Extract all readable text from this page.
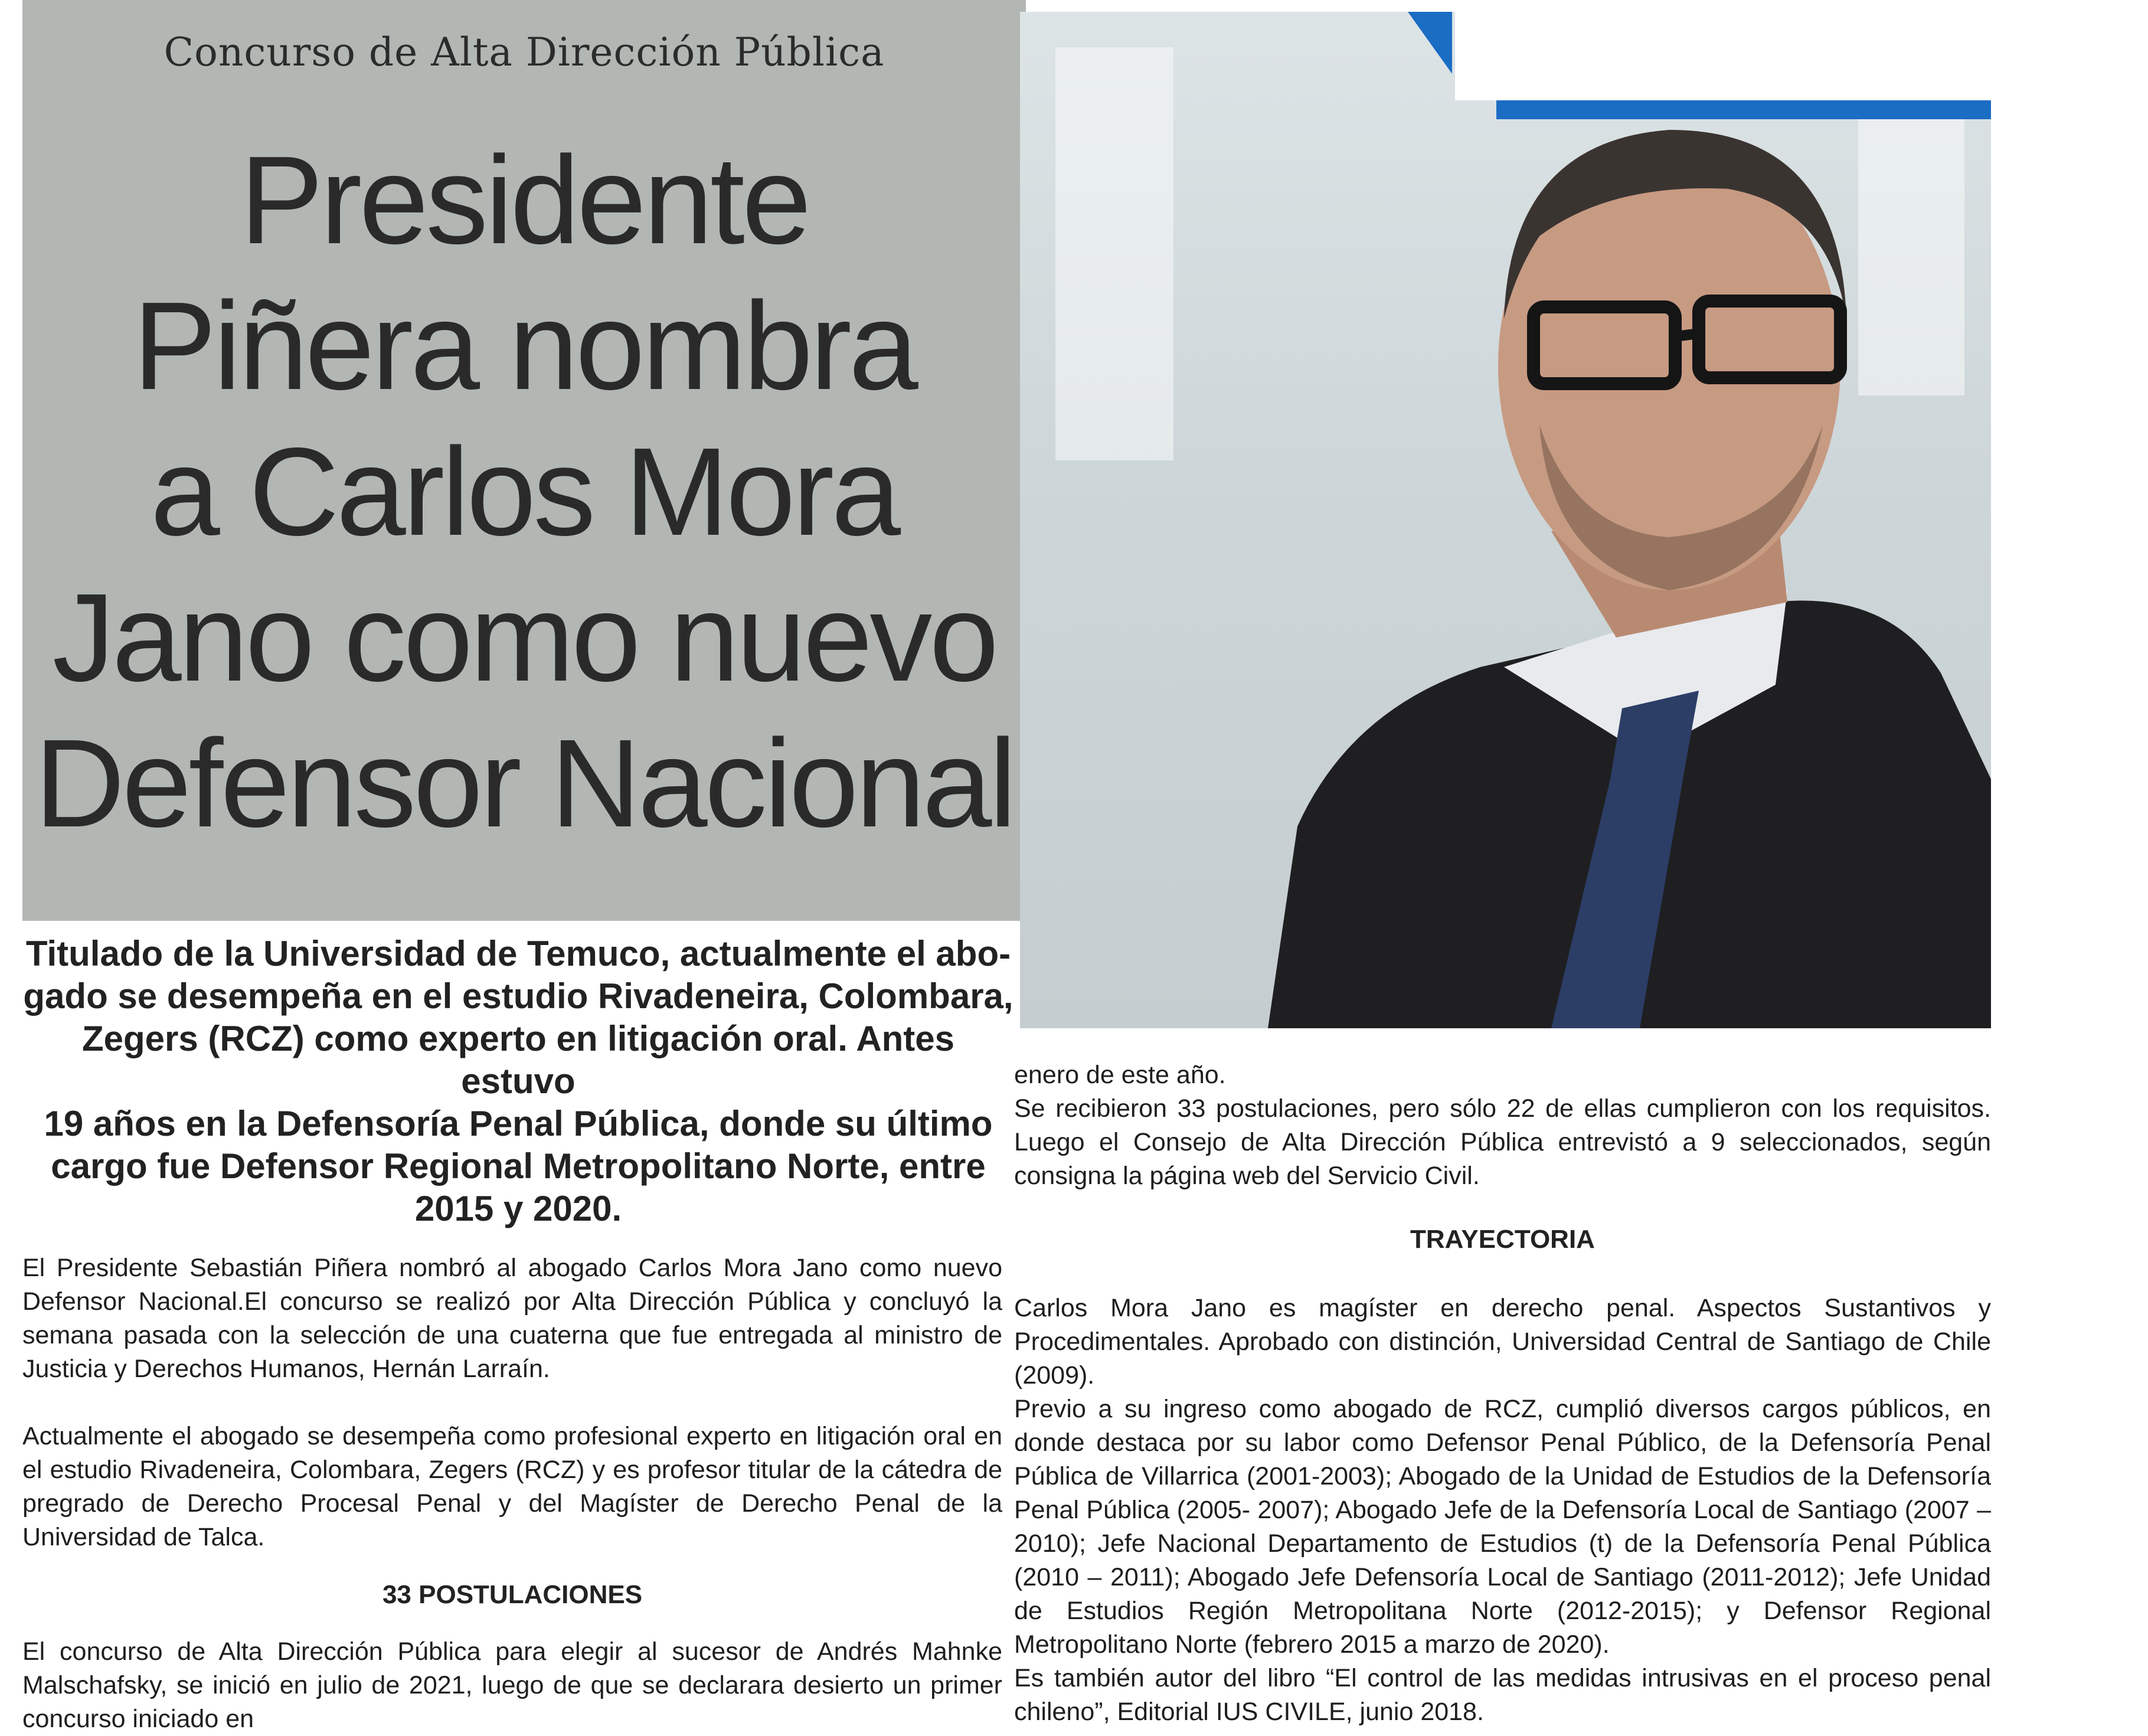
Concurso de Alta Dirección Pública
Presidente
Piñera nombra
a Carlos Mora
Jano como nuevo
Defensor Nacional

Titulado de la Universidad de Temuco, actualmente el abo-
gado se desempeña en el estudio Rivadeneira, Colombara,
Zegers (RCZ) como experto en litigación oral. Antes estuvo
19 años en la Defensoría Penal Pública, donde su último
cargo fue Defensor Regional Metropolitano Norte, entre
2015 y 2020.

El Presidente Sebastián Piñera nombró al abogado Carlos Mora Jano como nuevo Defensor Nacional.El concurso se realizó por Alta Dirección Pública y concluyó la semana pasada con la selección de una cuaterna que fue entregada al ministro de Justicia y Derechos Humanos, Hernán Larraín.

Actualmente el abogado se desempeña como profesional experto en litigación oral en el estudio Rivadeneira, Colombara, Zegers (RCZ) y es profesor titular de la cátedra de pregrado de Derecho Procesal Penal y del Magíster de Derecho Penal de la Universidad de Talca.

33 POSTULACIONES

El concurso de Alta Dirección Pública para elegir al sucesor de Andrés Mahnke Malschafsky, se inició en julio de 2021, luego de que se declarara desierto un primer concurso iniciado en

enero de este año.

Se recibieron 33 postulaciones, pero sólo 22 de ellas cumplieron con los requisitos. Luego el Consejo de Alta Dirección Pública entrevistó a 9 seleccionados, según consigna la página web del Servicio Civil.

TRAYECTORIA

Carlos Mora Jano es magíster en derecho penal. Aspectos Sustantivos y Procedimentales. Aprobado con distinción, Universidad Central de Santiago de Chile (2009).

Previo a su ingreso como abogado de RCZ, cumplió diversos cargos públicos, en donde destaca por su labor como Defensor Penal Público, de la Defensoría Penal Pública de Villarrica (2001-2003); Abogado de la Unidad de Estudios de la Defensoría Penal Pública (2005- 2007); Abogado Jefe de la Defensoría Local de Santiago (2007 – 2010); Jefe Nacional Departamento de Estudios (t) de la Defensoría Penal Pública (2010 – 2011); Abogado Jefe Defensoría Local de Santiago (2011-2012); Jefe Unidad de Estudios Región Metropolitana Norte (2012-2015); y Defensor Regional Metropolitano Norte (febrero 2015 a marzo de 2020).

Es también autor del libro “El control de las medidas intrusivas en el proceso penal chileno”, Editorial IUS CIVILE, junio 2018.
